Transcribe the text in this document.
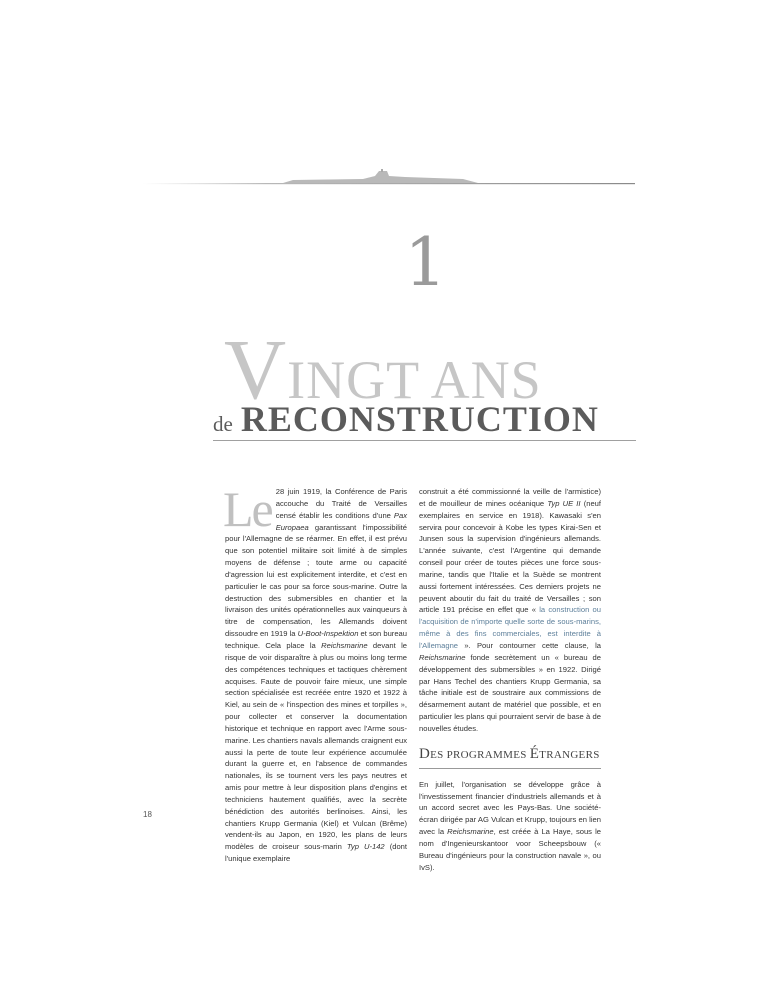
1
VINGT ANS
de RECONSTRUCTION
Le 28 juin 1919, la Conférence de Paris accouche du Traité de Versailles censé établir les conditions d'une Pax Europaea garantissant l'impossibilité pour l'Allemagne de se réarmer. En effet, il est prévu que son potentiel militaire soit limité à de simples moyens de défense ; toute arme ou capacité d'agression lui est explicitement interdite, et c'est en particulier le cas pour sa force sous-marine. Outre la destruction des submersibles en chantier et la livraison des unités opérationnelles aux vainqueurs à titre de compensation, les Allemands doivent dissoudre en 1919 la U-Boot-Inspektion et son bureau technique. Cela place la Reichsmarine devant le risque de voir disparaître à plus ou moins long terme des compétences techniques et tactiques chèrement acquises. Faute de pouvoir faire mieux, une simple section spécialisée est recréée entre 1920 et 1922 à Kiel, au sein de « l'inspection des mines et torpilles », pour collecter et conserver la documentation historique et technique en rapport avec l'Arme sous-marine. Les chantiers navals allemands craignent eux aussi la perte de toute leur expérience accumulée durant la guerre et, en l'absence de commandes nationales, ils se tournent vers les pays neutres et amis pour mettre à leur disposition plans d'engins et techniciens hautement qualifiés, avec la secrète bénédiction des autorités berlinoises. Ainsi, les chantiers Krupp Germania (Kiel) et Vulcan (Brême) vendent-ils au Japon, en 1920, les plans de leurs modèles de croiseur sous-marin Typ U-142 (dont l'unique exemplaire
construit a été commissionné la veille de l'armistice) et de mouilleur de mines océanique Typ UE II (neuf exemplaires en service en 1918). Kawasaki s'en servira pour concevoir à Kobe les types Kirai-Sen et Junsen sous la supervision d'ingénieurs allemands. L'année suivante, c'est l'Argentine qui demande conseil pour créer de toutes pièces une force sous-marine, tandis que l'Italie et la Suède se montrent aussi fortement intéressées. Ces derniers projets ne peuvent aboutir du fait du traité de Versailles ; son article 191 précise en effet que « la construction ou l'acquisition de n'importe quelle sorte de sous-marins, même à des fins commerciales, est interdite à l'Allemagne ». Pour contourner cette clause, la Reichsmarine fonde secrètement un « bureau de développement des submersibles » en 1922. Dirigé par Hans Techel des chantiers Krupp Germania, sa tâche initiale est de soustraire aux commissions de désarmement autant de matériel que possible, et en particulier les plans qui pourraient servir de base à de nouvelles études.
DES PROGRAMMES ÉTRANGERS
En juillet, l'organisation se développe grâce à l'investissement financier d'industriels allemands et à un accord secret avec les Pays-Bas. Une société-écran dirigée par AG Vulcan et Krupp, toujours en lien avec la Reichsmarine, est créée à La Haye, sous le nom d'Ingenieurskantoor voor Scheepsbouw (« Bureau d'ingénieurs pour la construction navale », ou IvS).
18
